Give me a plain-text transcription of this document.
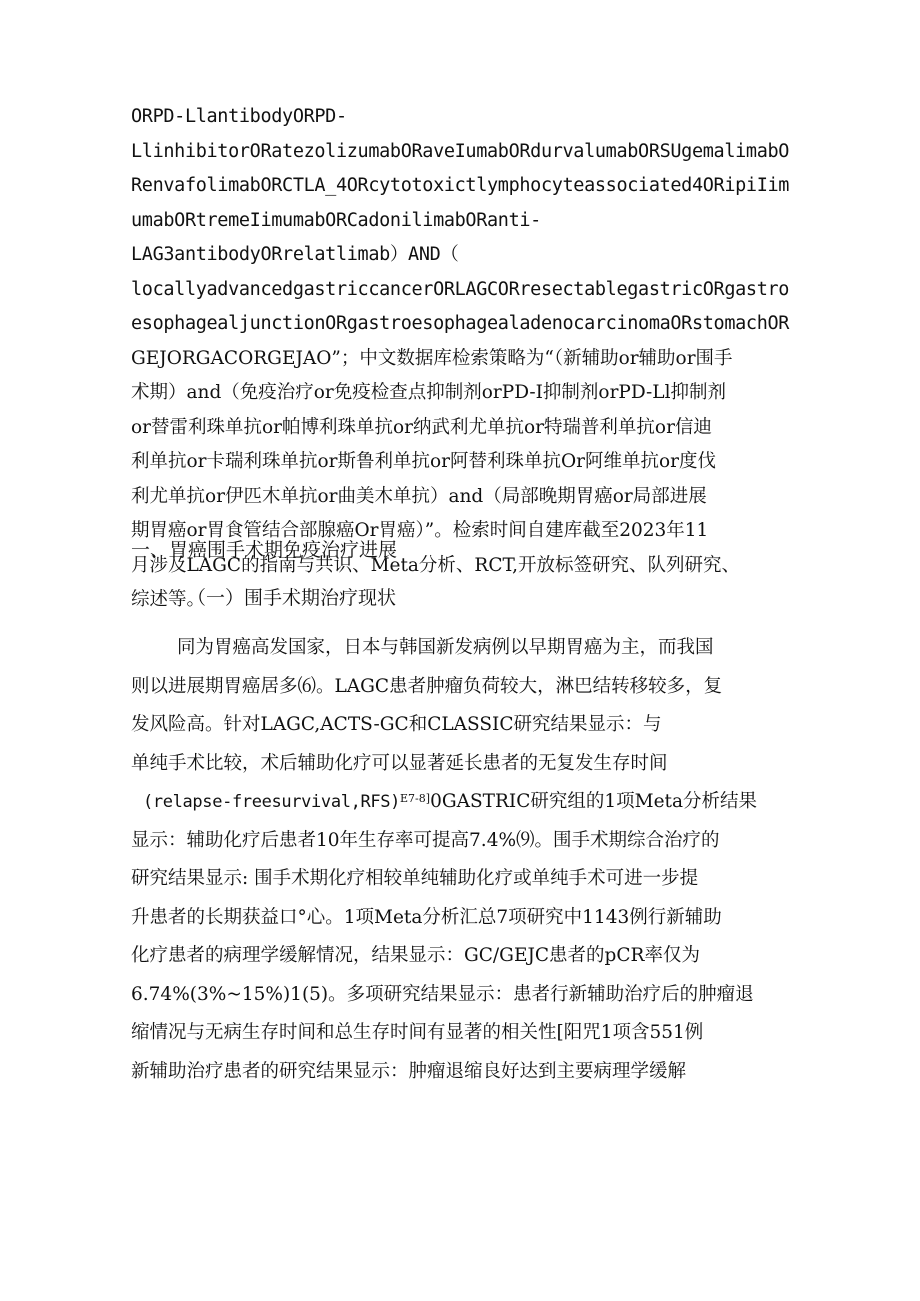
ORPD-LlantibodyORPD-
LlinhibitorORatezolizumabORaveIumabORdurvalumabORSUgemalimabO
RenvafolimabORCTLA_4ORcytotoxictlymphocyteassociated4ORipiIim
umabORtremeIimumabORCadonilimabORanti-
LAG3antibodyORrelatlimab）AND（
locallyadvancedgastriccancerORLAGCORresectablegastricORgastro
esophagealjunctionORgastroesophagealadenocarcinomaORstomachOR
GEJORGACORGEJAO”；中文数据库检索策略为“（新辅助or辅助or围手
术期）and（免疫治疗or免疫检查点抑制剂orPD-I抑制剂orPD-Ll抑制剂
or替雷利珠单抗or帕博利珠单抗or纳武利尤单抗or特瑞普利单抗or信迪
利单抗or卡瑞利珠单抗or斯鲁利单抗or阿替利珠单抗Or阿维单抗or度伐
利尤单抗or伊匹木单抗or曲美木单抗）and（局部晚期胃癌or局部进展
期胃癌or胃食管结合部腺癌Or胃癌）”。检索时间自建库截至2023年11
月涉及LAGC的指南与共识、Meta分析、RCT,开放标签研究、队列研究、
综述等。
一、胃癌围手术期免疫治疗进展
（一）围手术期治疗现状
同为胃癌高发国家，日本与韩国新发病例以早期胃癌为主，而我国
则以进展期胃癌居多⑹。LAGC患者肿瘤负荷较大，淋巴结转移较多，复
发风险高。针对LAGC,ACTS-GC和CLASSIC研究结果显示：与
单纯手术比较，术后辅助化疗可以显著延长患者的无复发生存时间
(relapse-freesurvival,RFS)$^{E7-8]}$0GASTRIC研究组的1项Meta分析结果
显示：辅助化疗后患者10年生存率可提高7.4%⑼。围手术期综合治疗的
研究结果显示: 围手术期化疗相较单纯辅助化疗或单纯手术可进一步提
升患者的长期获益口°心。1项Meta分析汇总7项研究中1143例行新辅助
化疗患者的病理学缓解情况，结果显示：GC/GEJC患者的pCR率仅为
6.74%(3%~15%)1(5)。多项研究结果显示：患者行新辅助治疗后的肿瘤退
缩情况与无病生存时间和总生存时间有显著的相关性[阳咒1项含551例
新辅助治疗患者的研究结果显示：肿瘤退缩良好达到主要病理学缓解
